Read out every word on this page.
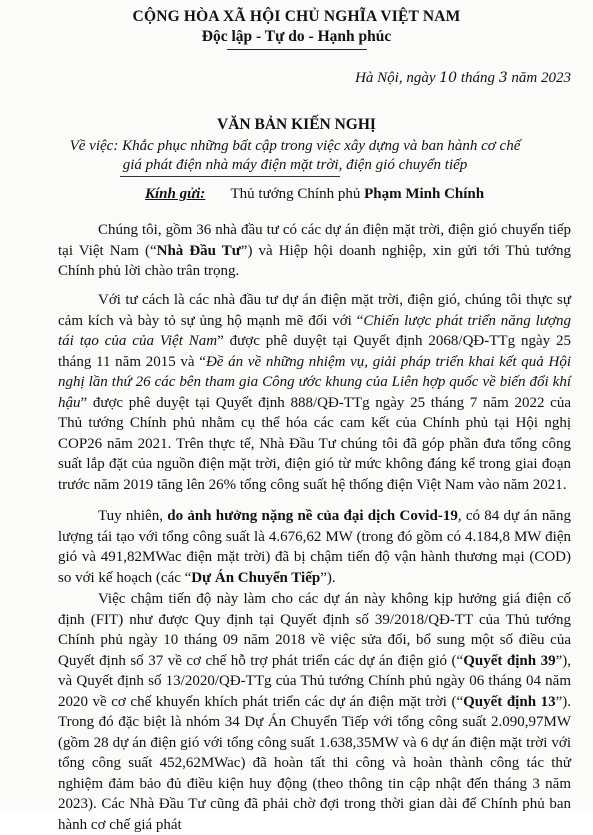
CỘNG HÒA XÃ HỘI CHỦ NGHĨA VIỆT NAM
Độc lập - Tự do - Hạnh phúc
Hà Nội, ngày 10 tháng 3 năm 2023
VĂN BẢN KIẾN NGHỊ
Về việc: Khắc phục những bất cập trong việc xây dựng và ban hành cơ chế giá phát điện nhà máy điện mặt trời, điện gió chuyển tiếp
Kính gửi: Thủ tướng Chính phủ Phạm Minh Chính

Chúng tôi, gồm 36 nhà đầu tư có các dự án điện mặt trời, điện gió chuyển tiếp tại Việt Nam (“Nhà Đầu Tư”) và Hiệp hội doanh nghiệp, xin gửi tới Thủ tướng Chính phủ lời chào trân trọng.

Với tư cách là các nhà đầu tư dự án điện mặt trời, điện gió, chúng tôi thực sự cảm kích và bày tỏ sự ủng hộ mạnh mẽ đối với “Chiến lược phát triển năng lượng tái tạo của của Việt Nam” được phê duyệt tại Quyết định 2068/QĐ-TTg ngày 25 tháng 11 năm 2015 và “Đề án về những nhiệm vụ, giải pháp triển khai kết quả Hội nghị lần thứ 26 các bên tham gia Công ước khung của Liên hợp quốc về biến đổi khí hậu” được phê duyệt tại Quyết định 888/QĐ-TTg ngày 25 tháng 7 năm 2022 của Thủ tướng Chính phủ nhằm cụ thể hóa các cam kết của Chính phủ tại Hội nghị COP26 năm 2021. Trên thực tế, Nhà Đầu Tư chúng tôi đã góp phần đưa tổng công suất lắp đặt của nguồn điện mặt trời, điện gió từ mức không đáng kể trong giai đoạn trước năm 2019 tăng lên 26% tổng công suất hệ thống điện Việt Nam vào năm 2021.

Tuy nhiên, do ảnh hưởng nặng nề của đại dịch Covid-19, có 84 dự án năng lượng tái tạo với tổng công suất là 4.676,62 MW (trong đó gồm có 4.184,8 MW điện gió và 491,82MWac điện mặt trời) đã bị chậm tiến độ vận hành thương mại (COD) so với kế hoạch (các “Dự Án Chuyển Tiếp”).

Việc chậm tiến độ này làm cho các dự án này không kịp hưởng giá điện cố định (FIT) như được Quy định tại Quyết định số 39/2018/QĐ-TT của Thủ tướng Chính phủ ngày 10 tháng 09 năm 2018 về việc sửa đổi, bổ sung một số điều của Quyết định số 37 về cơ chế hỗ trợ phát triển các dự án điện gió (“Quyết định 39”), và Quyết định số 13/2020/QĐ-TTg của Thủ tướng Chính phủ ngày 06 tháng 04 năm 2020 về cơ chế khuyến khích phát triển các dự án điện mặt trời (“Quyết định 13”). Trong đó đặc biệt là nhóm 34 Dự Án Chuyển Tiếp với tổng công suất 2.090,97MW (gồm 28 dự án điện gió với tổng công suất 1.638,35MW và 6 dự án điện mặt trời với tổng công suất 452,62MWac) đã hoàn tất thi công và hoàn thành công tác thử nghiệm đảm bảo đủ điều kiện huy động (theo thông tin cập nhật đến tháng 3 năm 2023). Các Nhà Đầu Tư cũng đã phải chờ đợi trong thời gian dài để Chính phủ ban hành cơ chế giá phát
